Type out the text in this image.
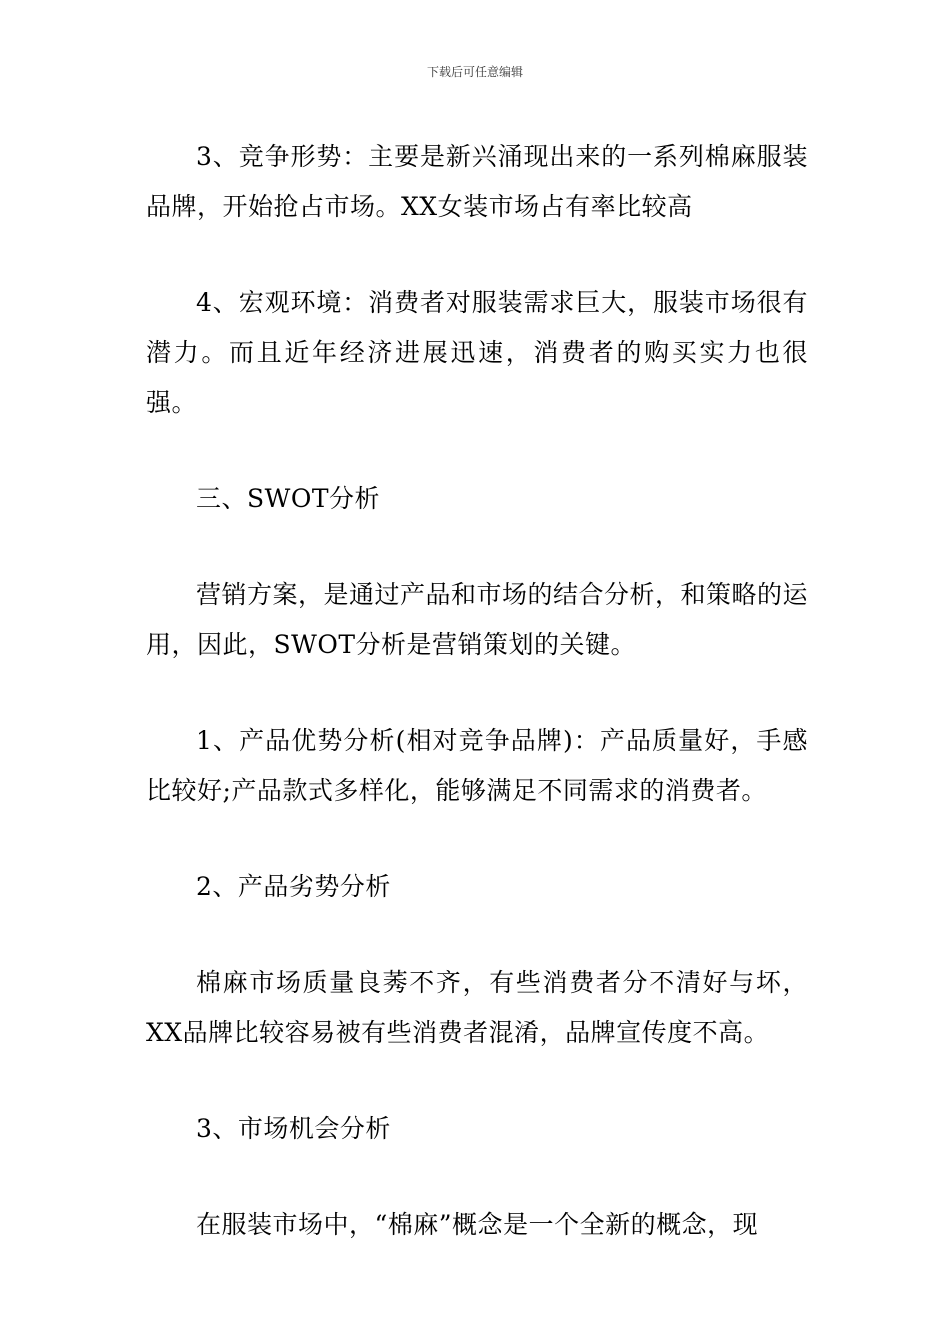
下载后可任意编辑

3、竞争形势：主要是新兴涌现出来的一系列棉麻服装品牌，开始抢占市场。XX女装市场占有率比较高

4、宏观环境：消费者对服装需求巨大，服装市场很有潜力。而且近年经济进展迅速，消费者的购买实力也很强。

三、SWOT分析

营销方案，是通过产品和市场的结合分析，和策略的运用，因此，SWOT分析是营销策划的关键。

1、产品优势分析(相对竞争品牌)：产品质量好，手感比较好;产品款式多样化，能够满足不同需求的消费者。

2、产品劣势分析

棉麻市场质量良莠不齐，有些消费者分不清好与坏，XX品牌比较容易被有些消费者混淆，品牌宣传度不高。

3、市场机会分析

在服装市场中，“棉麻”概念是一个全新的概念，现
